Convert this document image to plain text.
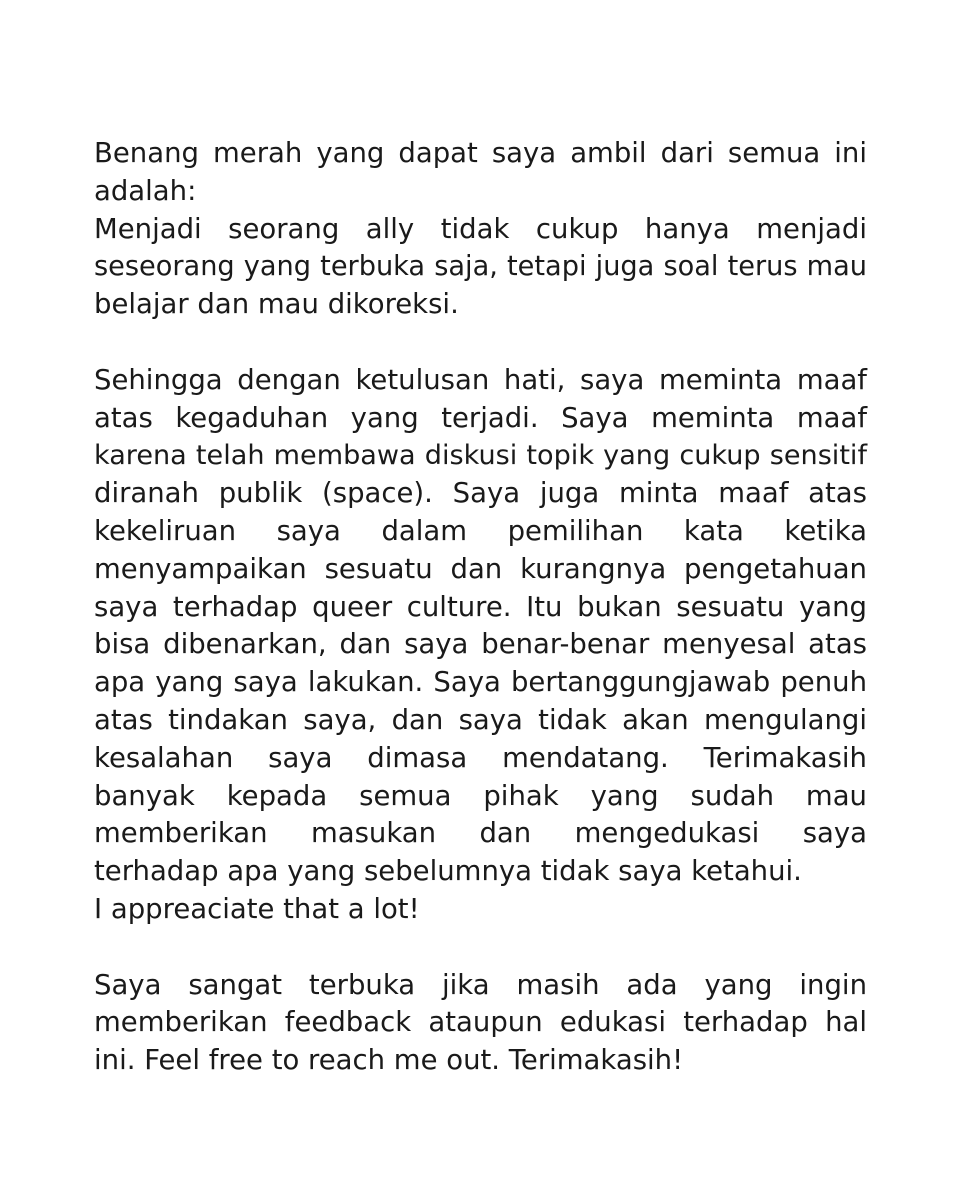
Benang merah yang dapat saya ambil dari semua ini
adalah:
Menjadi seorang ally tidak cukup hanya menjadi
seseorang yang terbuka saja, tetapi juga soal terus mau
belajar dan mau dikoreksi.
Sehingga dengan ketulusan hati, saya meminta maaf
atas kegaduhan yang terjadi. Saya meminta maaf
karena telah membawa diskusi topik yang cukup sensitif
diranah publik (space). Saya juga minta maaf atas
kekeliruan saya dalam pemilihan kata ketika
menyampaikan sesuatu dan kurangnya pengetahuan
saya terhadap queer culture. Itu bukan sesuatu yang
bisa dibenarkan, dan saya benar-benar menyesal atas
apa yang saya lakukan. Saya bertanggungjawab penuh
atas tindakan saya, dan saya tidak akan mengulangi
kesalahan saya dimasa mendatang. Terimakasih
banyak kepada semua pihak yang sudah mau
memberikan masukan dan mengedukasi saya
terhadap apa yang sebelumnya tidak saya ketahui.
I appreaciate that a lot!
Saya sangat terbuka jika masih ada yang ingin
memberikan feedback ataupun edukasi terhadap hal
ini. Feel free to reach me out. Terimakasih!
